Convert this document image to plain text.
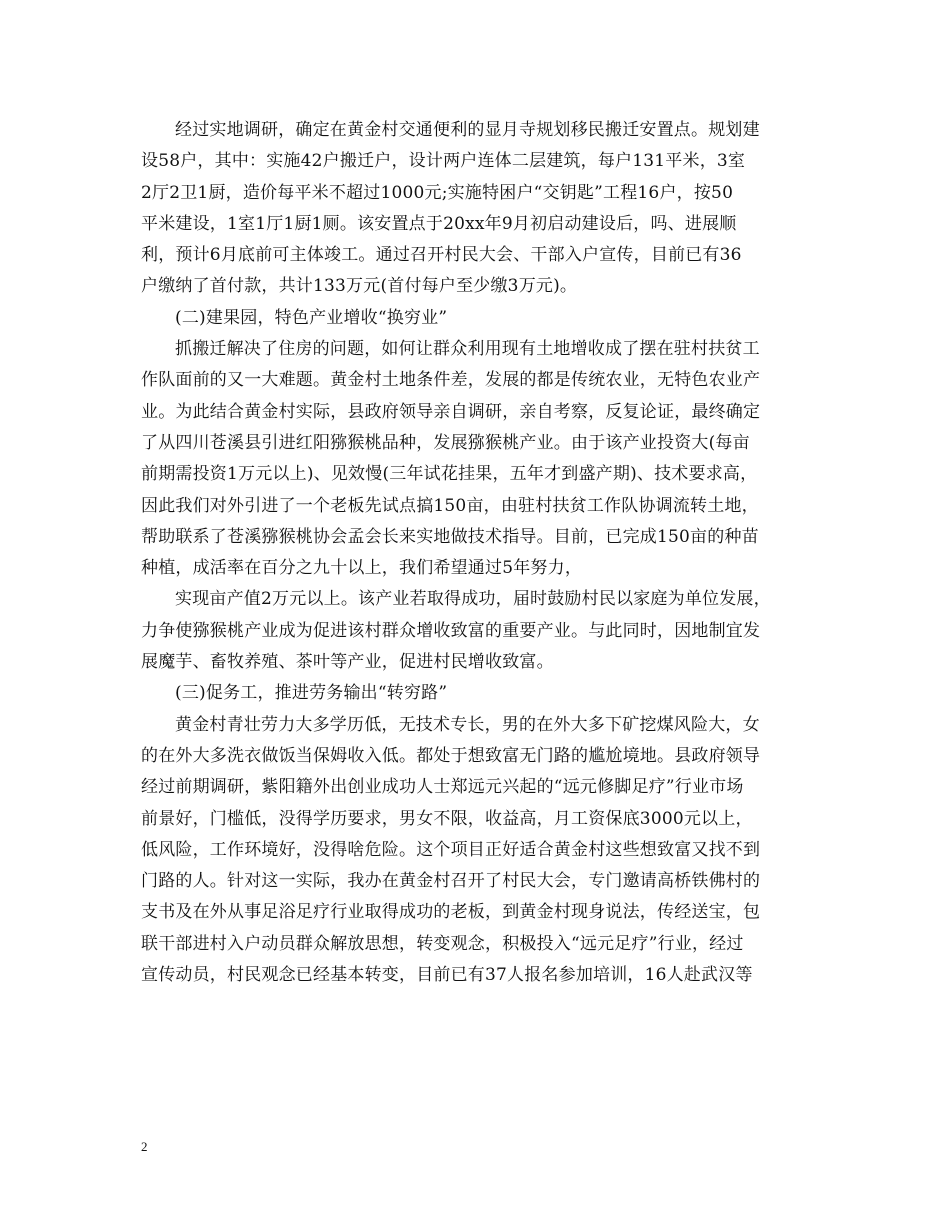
经过实地调研，确定在黄金村交通便利的显月寺规划移民搬迁安置点。规划建
设58户，其中：实施42户搬迁户，设计两户连体二层建筑，每户131平米，3室
2厅2卫1厨，造价每平米不超过1000元;实施特困户“交钥匙”工程16户，按50
平米建设，1室1厅1厨1厕。该安置点于20xx年9月初启动建设后，吗、进展顺
利，预计6月底前可主体竣工。通过召开村民大会、干部入户宣传，目前已有36
户缴纳了首付款，共计133万元(首付每户至少缴3万元)。
(二)建果园，特色产业增收“换穷业”
抓搬迁解决了住房的问题，如何让群众利用现有土地增收成了摆在驻村扶贫工
作队面前的又一大难题。黄金村土地条件差，发展的都是传统农业，无特色农业产
业。为此结合黄金村实际，县政府领导亲自调研，亲自考察，反复论证，最终确定
了从四川苍溪县引进红阳猕猴桃品种，发展猕猴桃产业。由于该产业投资大(每亩
前期需投资1万元以上)、见效慢(三年试花挂果，五年才到盛产期)、技术要求高，
因此我们对外引进了一个老板先试点搞150亩，由驻村扶贫工作队协调流转土地，
帮助联系了苍溪猕猴桃协会孟会长来实地做技术指导。目前，已完成150亩的种苗
种植，成活率在百分之九十以上，我们希望通过5年努力，
实现亩产值2万元以上。该产业若取得成功，届时鼓励村民以家庭为单位发展，
力争使猕猴桃产业成为促进该村群众增收致富的重要产业。与此同时，因地制宜发
展魔芋、畜牧养殖、茶叶等产业，促进村民增收致富。
(三)促务工，推进劳务输出“转穷路”
黄金村青壮劳力大多学历低，无技术专长，男的在外大多下矿挖煤风险大，女
的在外大多洗衣做饭当保姆收入低。都处于想致富无门路的尴尬境地。县政府领导
经过前期调研，紫阳籍外出创业成功人士郑远元兴起的“远元修脚足疗”行业市场
前景好，门槛低，没得学历要求，男女不限，收益高，月工资保底3000元以上，
低风险，工作环境好，没得啥危险。这个项目正好适合黄金村这些想致富又找不到
门路的人。针对这一实际，我办在黄金村召开了村民大会，专门邀请高桥铁佛村的
支书及在外从事足浴足疗行业取得成功的老板，到黄金村现身说法，传经送宝，包
联干部进村入户动员群众解放思想，转变观念，积极投入“远元足疗”行业，经过
宣传动员，村民观念已经基本转变，目前已有37人报名参加培训，16人赴武汉等
2
